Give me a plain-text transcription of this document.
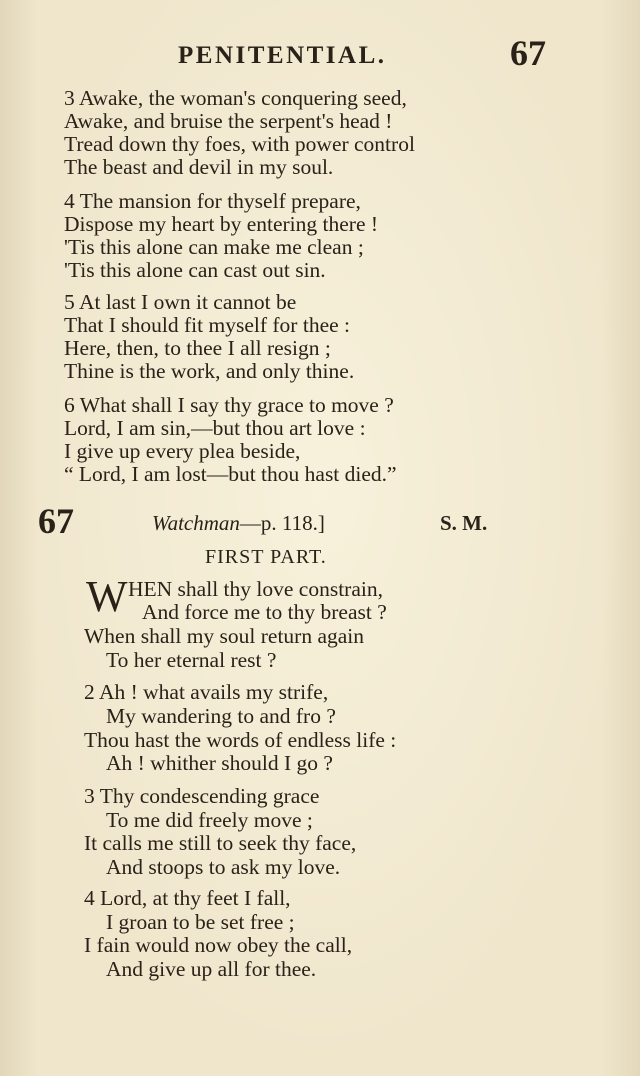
PENITENTIAL.	67
3 Awake, the woman's conquering seed,
Awake, and bruise the serpent's head !
Tread down thy foes, with power control
The beast and devil in my soul.
4 The mansion for thyself prepare,
Dispose my heart by entering there !
'Tis this alone can make me clean ;
'Tis this alone can cast out sin.
5 At last I own it cannot be
That I should fit myself for thee :
Here, then, to thee I all resign ;
Thine is the work, and only thine.
6 What shall I say thy grace to move ?
Lord, I am sin,—but thou art love :
I give up every plea beside,
“ Lord, I am lost—but thou hast died.”
67	Watchman—p. 118.]	S. M.
FIRST PART.
W HEN shall thy love constrain,
And force me to thy breast ?
When shall my soul return again
To her eternal rest ?
2 Ah ! what avails my strife,
My wandering to and fro ?
Thou hast the words of endless life :
Ah ! whither should I go ?
3 Thy condescending grace
To me did freely move ;
It calls me still to seek thy face,
And stoops to ask my love.
4 Lord, at thy feet I fall,
I groan to be set free ;
I fain would now obey the call,
And give up all for thee.
